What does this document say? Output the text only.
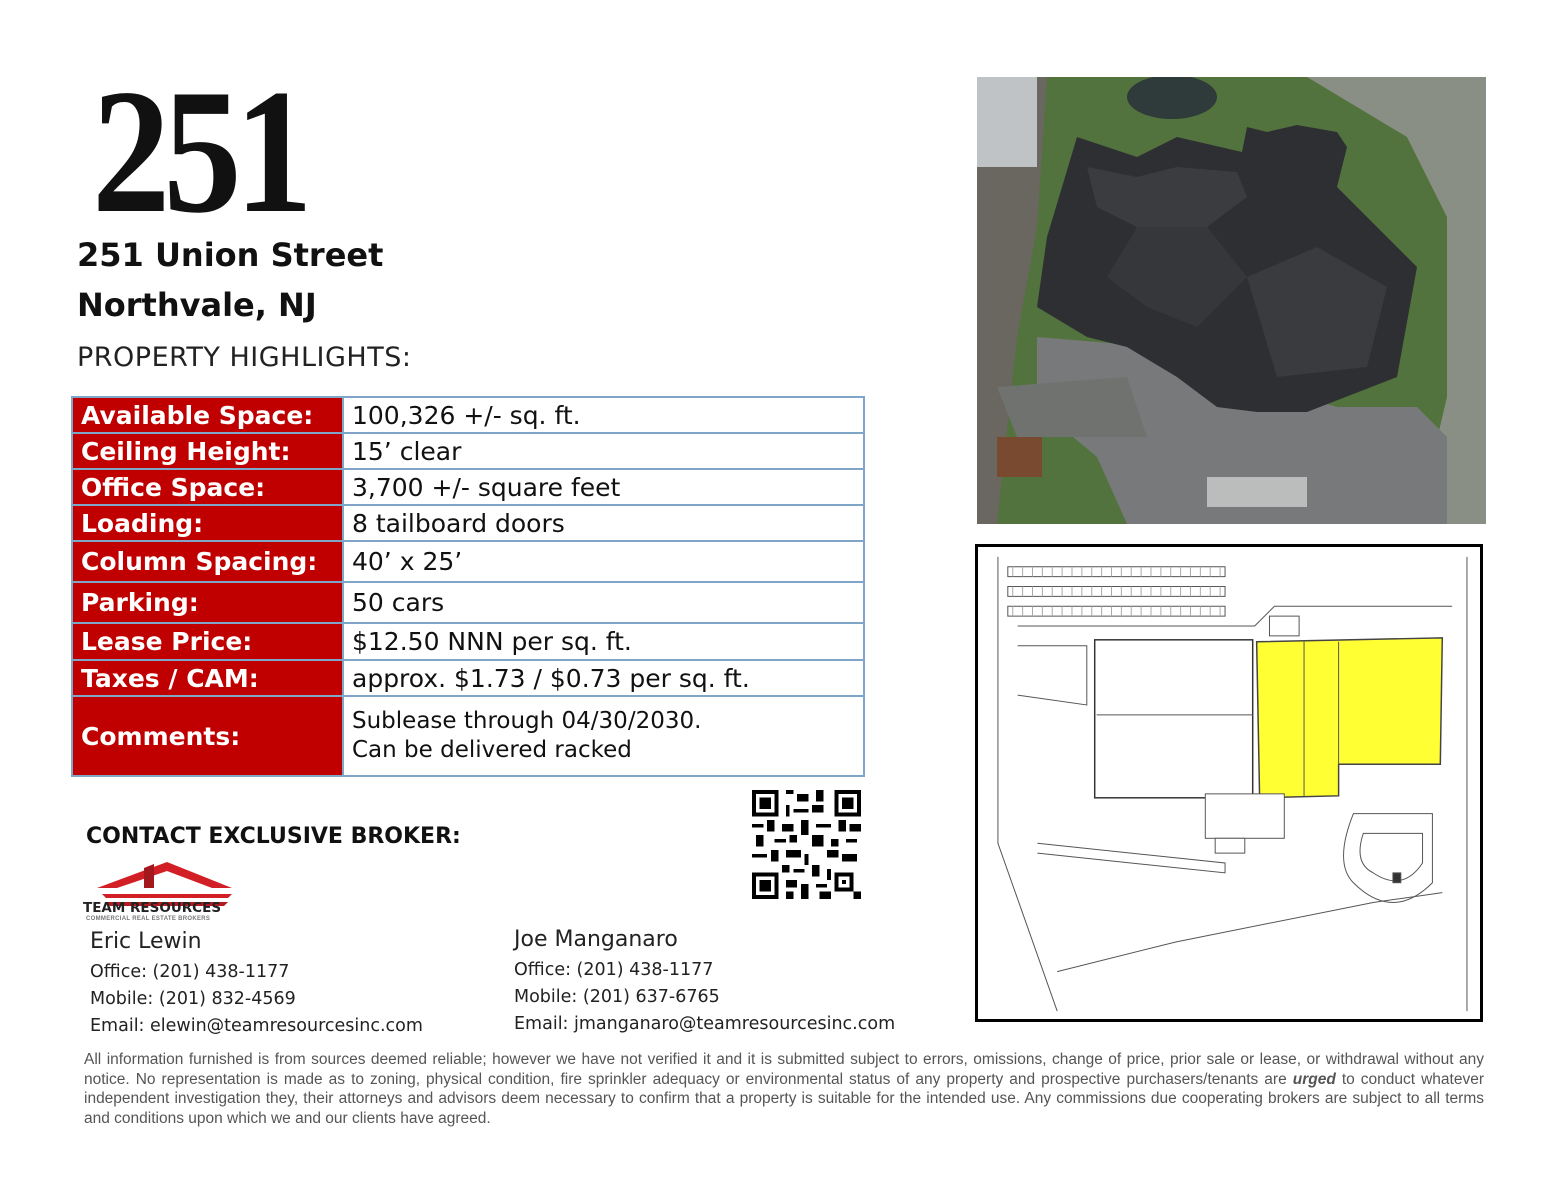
251
251 Union Street
Northvale, NJ
PROPERTY HIGHLIGHTS:
Available Space:	100,326 +/- sq. ft.
Ceiling Height:	15’ clear
Office Space:	3,700 +/- square feet
Loading:	8 tailboard doors
Column Spacing:	40’ x 25’
Parking:	50 cars
Lease Price:	$12.50 NNN per sq. ft.
Taxes / CAM:	approx. $1.73 / $0.73 per sq. ft.
Comments:	Sublease through 04/30/2030.
Can be delivered racked
CONTACT EXCLUSIVE BROKER:
TEAM RESOURCES
COMMERCIAL REAL ESTATE BROKERS
Eric Lewin
Office: (201) 438-1177
Mobile: (201) 832-4569
Email: elewin@teamresourcesinc.com
Joe Manganaro
Office: (201) 438-1177
Mobile: (201) 637-6765
Email: jmanganaro@teamresourcesinc.com
All information furnished is from sources deemed reliable; however we have not verified it and it is submitted subject to errors, omissions, change of price, prior sale or lease, or withdrawal without any notice. No representation is made as to zoning, physical condition, fire sprinkler adequacy or environmental status of any property and prospective purchasers/tenants are urged to conduct whatever independent investigation they, their attorneys and advisors deem necessary to confirm that a property is suitable for the intended use. Any commissions due cooperating brokers are subject to all terms and conditions upon which we and our clients have agreed.
